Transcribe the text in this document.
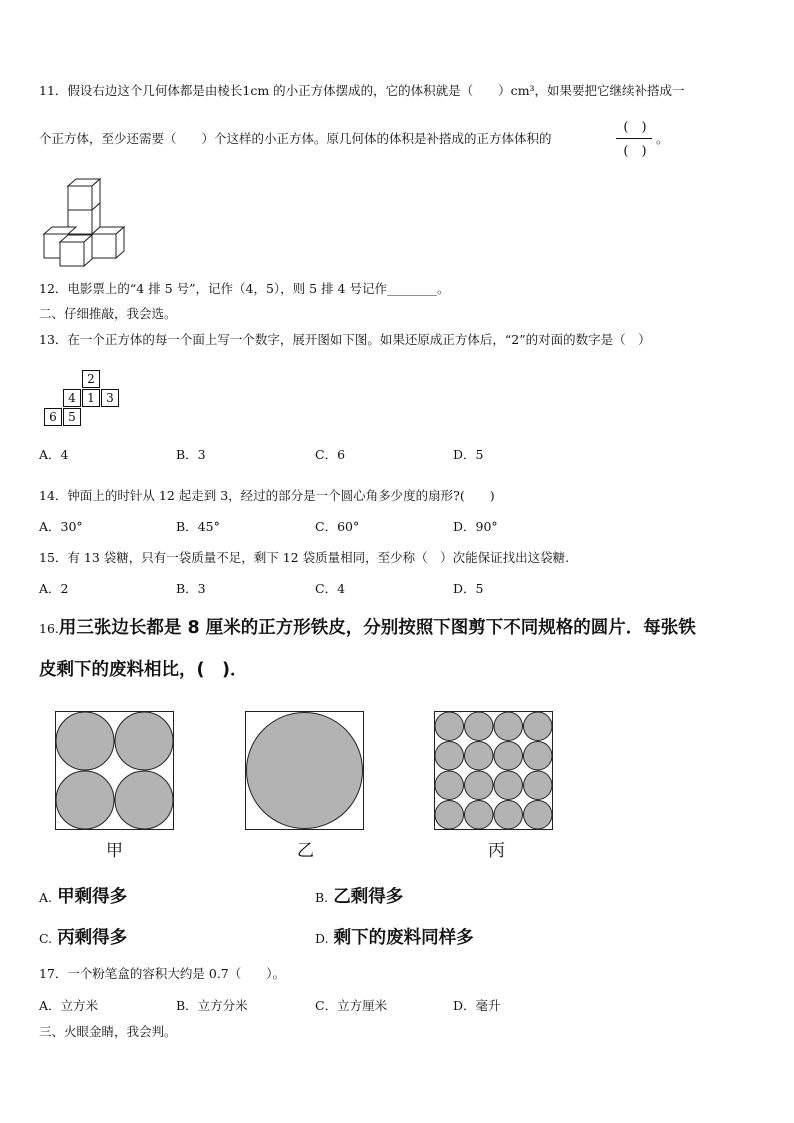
11．假设右边这个几何体都是由棱长1cm 的小正方体摆成的，它的体积就是（　　）cm³，如果要把它继续补搭成一
个正方体，至少还需要（　　）个这样的小正方体。原几何体的体积是补搭成的正方体体积的
(　)
(　)
。
12．电影票上的“4 排 5 号”，记作（4，5），则 5 排 4 号记作________。
二、仔细推敲，我会选。
13．在一个正方体的每一个面上写一个数字，展开图如下图。如果还原成正方体后，“2”的对面的数字是（　）
2
4 1 3
6 5
A．4	B．3	C．6	D．5
14．钟面上的时针从 12 起走到 3，经过的部分是一个圆心角多少度的扇形?(　　)
A．30°	B．45°	C．60°	D．90°
15．有 13 袋糖，只有一袋质量不足，剩下 12 袋质量相同，至少称（　）次能保证找出这袋糖.
A．2	B．3	C．4	D．5
16.用三张边长都是 8 厘米的正方形铁皮，分别按照下图剪下不同规格的圆片．每张铁
皮剩下的废料相比，(　)．
甲	乙	丙
A. 甲剩得多	B. 乙剩得多
C. 丙剩得多	D. 剩下的废料同样多
17．一个粉笔盒的容积大约是 0.7（　　）。
A．立方米	B．立方分米	C．立方厘米	D．毫升
三、火眼金睛，我会判。
